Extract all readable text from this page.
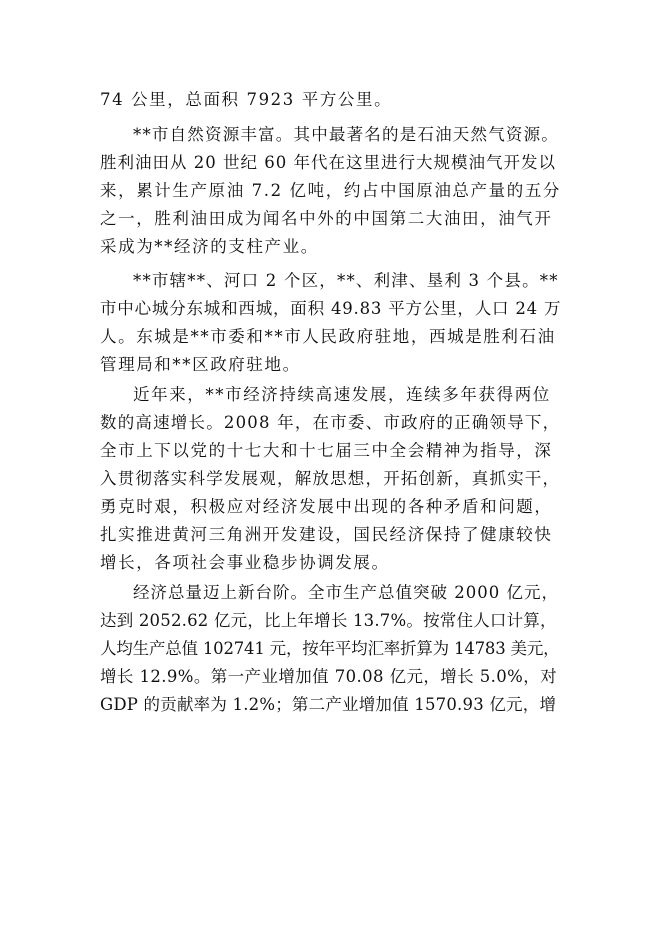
74 公里，总面积 7923 平方公里。

**市自然资源丰富。其中最著名的是石油天然气资源。

胜利油田从 20 世纪 60 年代在这里进行大规模油气开发以

来，累计生产原油 7.2 亿吨，约占中国原油总产量的五分

之一，胜利油田成为闻名中外的中国第二大油田，油气开

采成为**经济的支柱产业。

**市辖**、河口 2 个区，**、利津、垦利 3 个县。**

市中心城分东城和西城，面积 49.83 平方公里，人口 24 万

人。东城是**市委和**市人民政府驻地，西城是胜利石油

管理局和**区政府驻地。

近年来，**市经济持续高速发展，连续多年获得两位

数的高速增长。2008 年，在市委、市政府的正确领导下，

全市上下以党的十七大和十七届三中全会精神为指导，深

入贯彻落实科学发展观，解放思想，开拓创新，真抓实干，

勇克时艰，积极应对经济发展中出现的各种矛盾和问题，

扎实推进黄河三角洲开发建设，国民经济保持了健康较快

增长，各项社会事业稳步协调发展。

经济总量迈上新台阶。全市生产总值突破 2000 亿元，

达到 2052.62 亿元，比上年增长 13.7%。按常住人口计算，

人均生产总值 102741 元，按年平均汇率折算为 14783 美元，

增长 12.9%。第一产业增加值 70.08 亿元，增长 5.0%，对

GDP 的贡献率为 1.2%；第二产业增加值 1570.93 亿元，增
